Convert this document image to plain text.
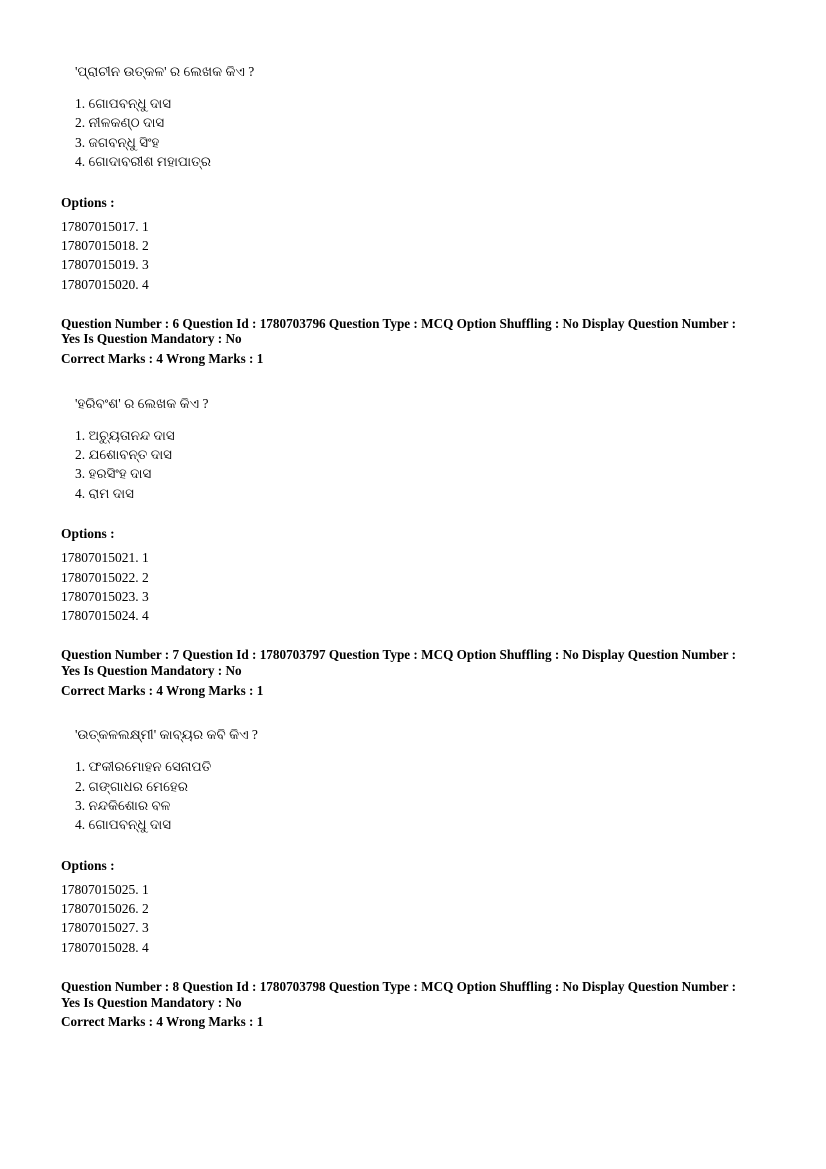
'ପ୍ରାଚୀନ ଉତ୍କଳ' ର ଲେଖକ କିଏ ?

1. ଗୋପବନ୍ଧୁ ଦାସ
2. ନୀଳକଣ୍ଠ ଦାସ
3. ଜଗବନ୍ଧୁ ସିଂହ
4. ଗୋଦାବରୀଶ ମହାପାତ୍ର

Options :

17807015017. 1
17807015018. 2
17807015019. 3
17807015020. 4

Question Number : 6 Question Id : 1780703796 Question Type : MCQ Option Shuffling : No Display Question Number : Yes Is Question Mandatory : No

Correct Marks : 4 Wrong Marks : 1

'ହରିବଂଶ' ର ଲେଖକ କିଏ ?

1. ଅଚ୍ୟୁତାନନ୍ଦ ଦାସ
2. ଯଶୋବନ୍ତ ଦାସ
3. ହରସିଂହ ଦାସ
4. ରାମ ଦାସ

Options :

17807015021. 1
17807015022. 2
17807015023. 3
17807015024. 4

Question Number : 7 Question Id : 1780703797 Question Type : MCQ Option Shuffling : No Display Question Number : Yes Is Question Mandatory : No

Correct Marks : 4 Wrong Marks : 1

'ଉତ୍କଳଲକ୍ଷ୍ମୀ' କାବ୍ୟର କବି କିଏ ?

1. ଫକୀରମୋହନ ସେନାପତି
2. ଗଙ୍ଗାଧର ମେହେର
3. ନନ୍ଦକିଶୋର ବଳ
4. ଗୋପବନ୍ଧୁ ଦାସ

Options :

17807015025. 1
17807015026. 2
17807015027. 3
17807015028. 4

Question Number : 8 Question Id : 1780703798 Question Type : MCQ Option Shuffling : No Display Question Number : Yes Is Question Mandatory : No

Correct Marks : 4 Wrong Marks : 1
